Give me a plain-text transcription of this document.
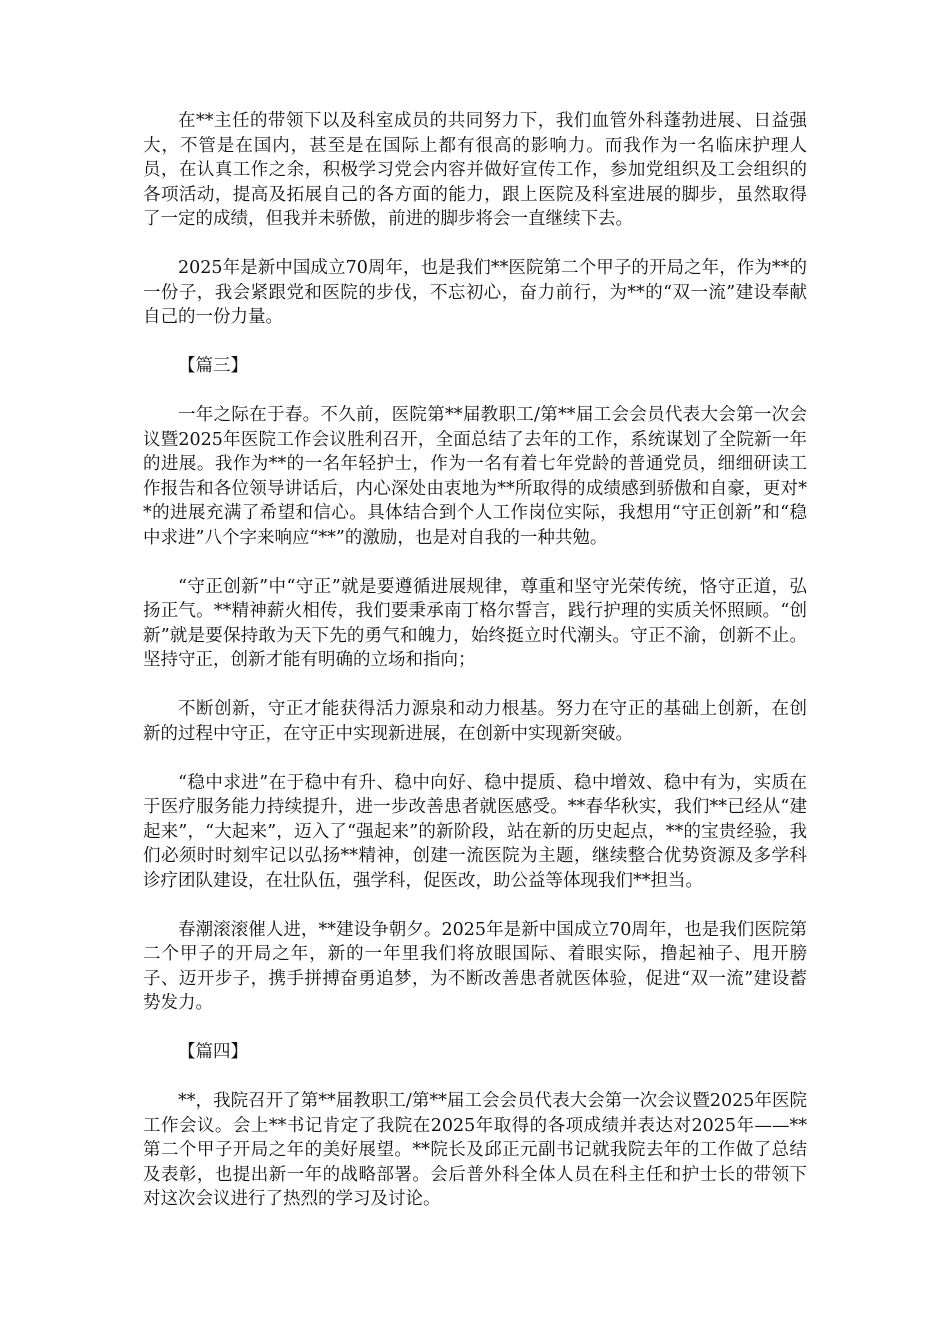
在**主任的带领下以及科室成员的共同努力下，我们血管外科蓬勃进展、日益强大，不管是在国内，甚至是在国际上都有很高的影响力。而我作为一名临床护理人员，在认真工作之余，积极学习党会内容并做好宣传工作，参加党组织及工会组织的各项活动，提高及拓展自己的各方面的能力，跟上医院及科室进展的脚步，虽然取得了一定的成绩，但我并未骄傲，前进的脚步将会一直继续下去。

2025年是新中国成立70周年，也是我们**医院第二个甲子的开局之年，作为**的一份子，我会紧跟党和医院的步伐，不忘初心，奋力前行，为**的“双一流”建设奉献自己的一份力量。

【篇三】

一年之际在于春。不久前，医院第**届教职工/第**届工会会员代表大会第一次会议暨2025年医院工作会议胜利召开，全面总结了去年的工作，系统谋划了全院新一年的进展。我作为**的一名年轻护士，作为一名有着七年党龄的普通党员，细细研读工作报告和各位领导讲话后，内心深处由衷地为**所取得的成绩感到骄傲和自豪，更对**的进展充满了希望和信心。具体结合到个人工作岗位实际，我想用“守正创新”和“稳中求进”八个字来响应“**”的激励，也是对自我的一种共勉。

“守正创新”中“守正”就是要遵循进展规律，尊重和坚守光荣传统，恪守正道，弘扬正气。**精神薪火相传，我们要秉承南丁格尔誓言，践行护理的实质关怀照顾。“创新”就是要保持敢为天下先的勇气和魄力，始终挺立时代潮头。守正不渝，创新不止。坚持守正，创新才能有明确的立场和指向；

不断创新，守正才能获得活力源泉和动力根基。努力在守正的基础上创新，在创新的过程中守正，在守正中实现新进展，在创新中实现新突破。

“稳中求进”在于稳中有升、稳中向好、稳中提质、稳中增效、稳中有为，实质在于医疗服务能力持续提升，进一步改善患者就医感受。**春华秋实，我们**已经从“建起来”，“大起来”，迈入了“强起来”的新阶段，站在新的历史起点，**的宝贵经验，我们必须时时刻牢记以弘扬**精神，创建一流医院为主题，继续整合优势资源及多学科诊疗团队建设，在壮队伍，强学科，促医改，助公益等体现我们**担当。

春潮滚滚催人进，**建设争朝夕。2025年是新中国成立70周年，也是我们医院第二个甲子的开局之年，新的一年里我们将放眼国际、着眼实际，撸起袖子、甩开膀子、迈开步子，携手拼搏奋勇追梦，为不断改善患者就医体验，促进“双一流”建设蓄势发力。

【篇四】

**，我院召开了第**届教职工/第**届工会会员代表大会第一次会议暨2025年医院工作会议。会上**书记肯定了我院在2025年取得的各项成绩并表达对2025年——**第二个甲子开局之年的美好展望。**院长及邱正元副书记就我院去年的工作做了总结及表彰，也提出新一年的战略部署。会后普外科全体人员在科主任和护士长的带领下对这次会议进行了热烈的学习及讨论。
